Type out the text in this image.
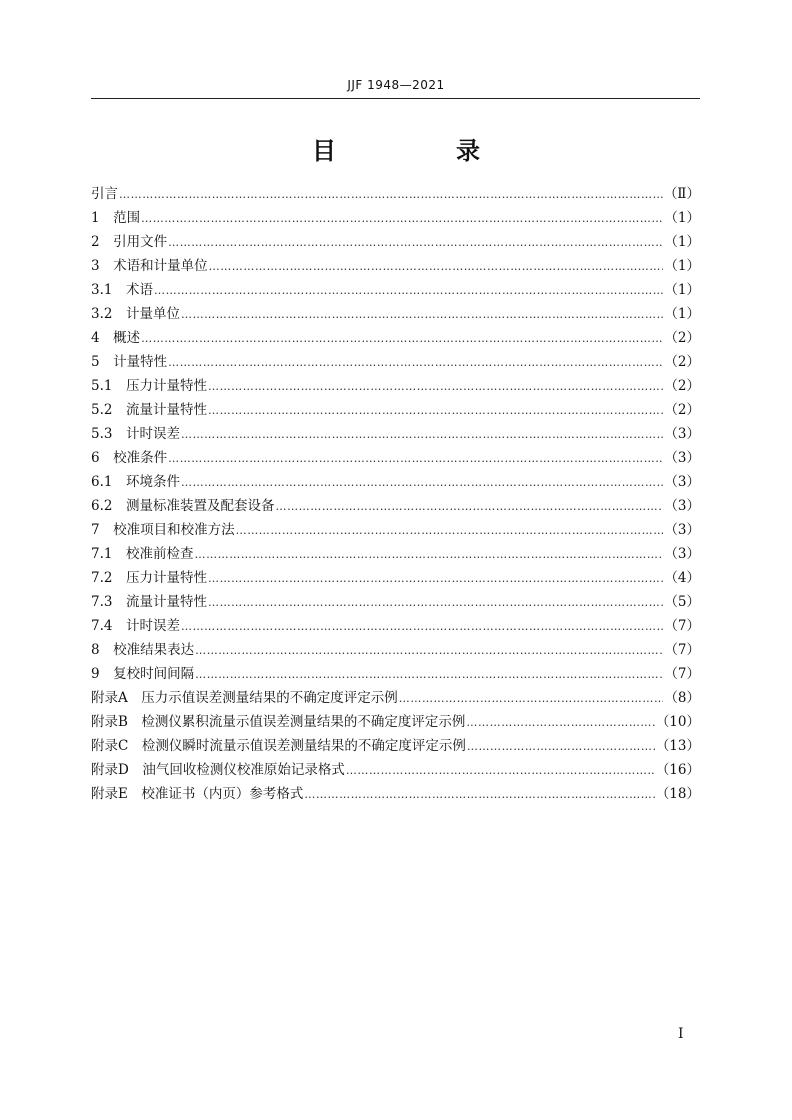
JJF 1948—2021
目　录
引言 ……………………………………………………………………………………………………………………………………………………………………………………………………………………	（Ⅱ）
1　 范围 ……………………………………………………………………………………………………………………………………………………………………………………………………………………	（1）
2　 引用文件 ……………………………………………………………………………………………………………………………………………………………………………………………………………………	（1）
3　 术语和计量单位 ……………………………………………………………………………………………………………………………………………………………………………………………………………………	（1）
3.1　 术语 ……………………………………………………………………………………………………………………………………………………………………………………………………………………	（1）
3.2　 计量单位 ……………………………………………………………………………………………………………………………………………………………………………………………………………………	（1）
4　 概述 ……………………………………………………………………………………………………………………………………………………………………………………………………………………	（2）
5　 计量特性 ……………………………………………………………………………………………………………………………………………………………………………………………………………………	（2）
5.1　 压力计量特性 ……………………………………………………………………………………………………………………………………………………………………………………………………………………	（2）
5.2　 流量计量特性 ……………………………………………………………………………………………………………………………………………………………………………………………………………………	（2）
5.3　 计时误差 ……………………………………………………………………………………………………………………………………………………………………………………………………………………	（3）
6　 校准条件 ……………………………………………………………………………………………………………………………………………………………………………………………………………………	（3）
6.1　 环境条件 ……………………………………………………………………………………………………………………………………………………………………………………………………………………	（3）
6.2　 测量标准装置及配套设备 ……………………………………………………………………………………………………………………………………………………………………………………………………………………	（3）
7　 校准项目和校准方法 ……………………………………………………………………………………………………………………………………………………………………………………………………………………	（3）
7.1　 校准前检查 ……………………………………………………………………………………………………………………………………………………………………………………………………………………	（3）
7.2　 压力计量特性 ……………………………………………………………………………………………………………………………………………………………………………………………………………………	（4）
7.3　 流量计量特性 ……………………………………………………………………………………………………………………………………………………………………………………………………………………	（5）
7.4　 计时误差 ……………………………………………………………………………………………………………………………………………………………………………………………………………………	（7）
8　 校准结果表达 ……………………………………………………………………………………………………………………………………………………………………………………………………………………	（7）
9　 复校时间间隔 ……………………………………………………………………………………………………………………………………………………………………………………………………………………	（7）
附录A　 压力示值误差测量结果的不确定度评定示例 ……………………………………………………………………………………………………………………………………………………………………………………………………………………	（8）
附录B　 检测仪累积流量示值误差测量结果的不确定度评定示例 ……………………………………………………………………………………………………………………………………………………………………………………………………………………	（10）
附录C　 检测仪瞬时流量示值误差测量结果的不确定度评定示例 ……………………………………………………………………………………………………………………………………………………………………………………………………………………	（13）
附录D　 油气回收检测仪校准原始记录格式 ……………………………………………………………………………………………………………………………………………………………………………………………………………………	（16）
附录E　 校准证书（内页）参考格式 ……………………………………………………………………………………………………………………………………………………………………………………………………………………	（18）
Ⅰ
